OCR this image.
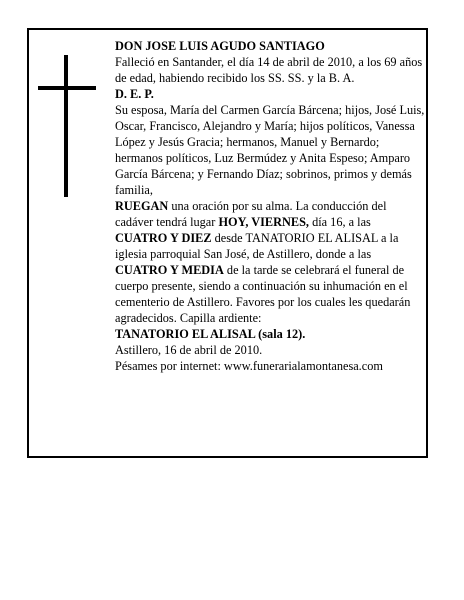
DON JOSE LUIS AGUDO SANTIAGO

Falleció en Santander, el día 14 de abril de 2010, a los 69 años de edad, habiendo recibido los SS. SS. y la B. A.

D. E. P.

Su esposa, María del Carmen García Bárcena; hijos, José Luis, Oscar, Francisco, Alejandro y María; hijos políticos, Vanessa López y Jesús Gracia; hermanos, Manuel y Bernardo; hermanos políticos, Luz Bermúdez y Anita Espeso; Amparo García Bárcena; y Fernando Díaz; sobrinos, primos y demás familia,

RUEGAN una oración por su alma. La conducción del cadáver tendrá lugar HOY, VIERNES, día 16, a las CUATRO Y DIEZ desde TANATORIO EL ALISAL a la iglesia parroquial San José, de Astillero, donde a las CUATRO Y MEDIA de la tarde se celebrará el funeral de cuerpo presente, siendo a continuación su inhumación en el cementerio de Astillero. Favores por los cuales les quedarán agradecidos. Capilla ardiente:

TANATORIO EL ALISAL (sala 12).

Astillero, 16 de abril de 2010.

Pésames por internet: www.funerarialamontanesa.com
